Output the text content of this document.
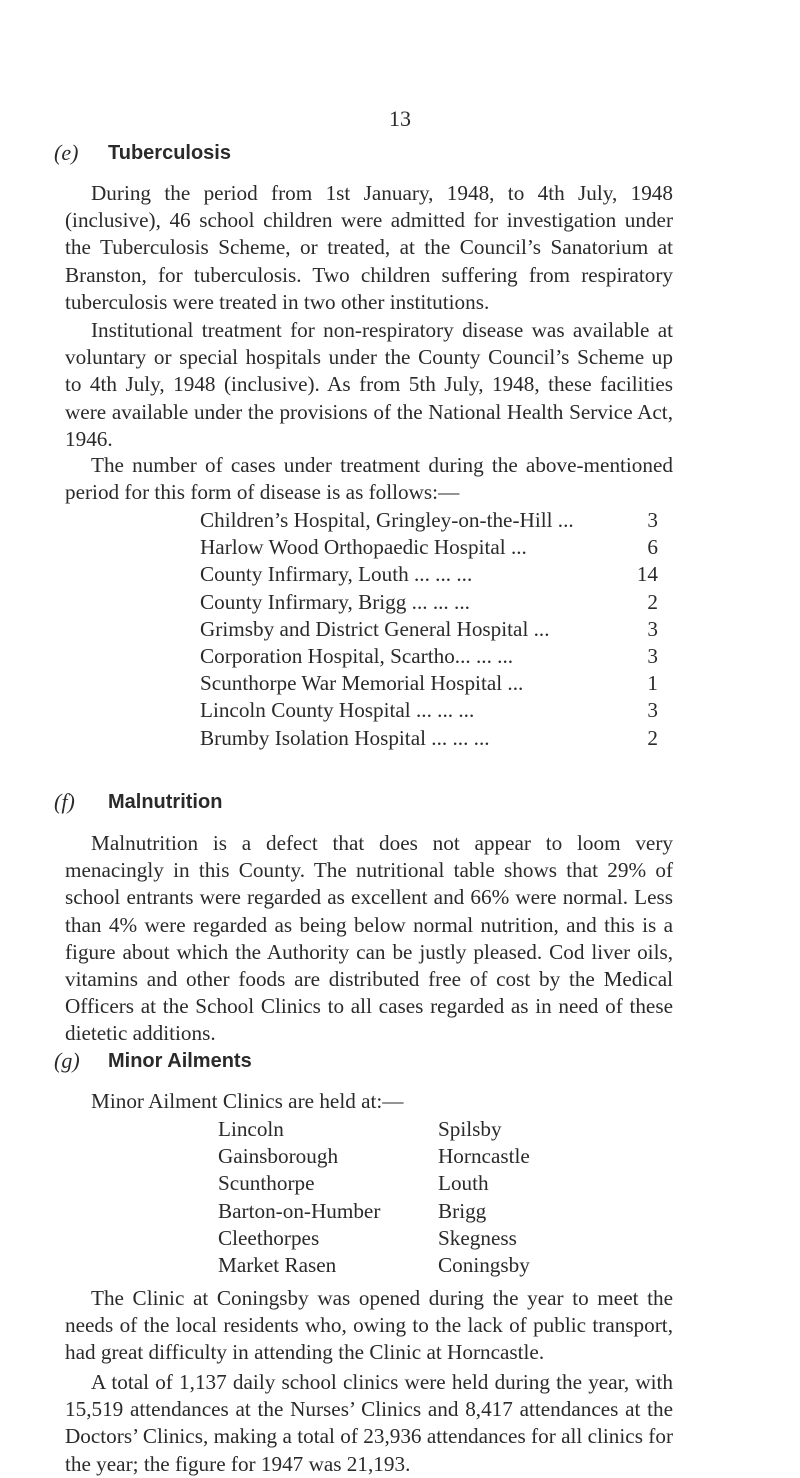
13
(e) Tuberculosis

During the period from 1st January, 1948, to 4th July, 1948 (inclusive), 46 school children were admitted for investigation under the Tuberculosis Scheme, or treated, at the Council’s Sanatorium at Branston, for tuberculosis. Two children suffering from respiratory tuberculosis were treated in two other institutions.

Institutional treatment for non-respiratory disease was available at voluntary or special hospitals under the County Council’s Scheme up to 4th July, 1948 (inclusive). As from 5th July, 1948, these facilities were available under the provisions of the National Health Service Act, 1946.

The number of cases under treatment during the above-mentioned period for this form of disease is as follows:—

Children’s Hospital, Gringley-on-the-Hill ...	3
Harlow Wood Orthopaedic Hospital ...	6
County Infirmary, Louth ... ... ...	14
County Infirmary, Brigg ... ... ...	2
Grimsby and District General Hospital ...	3
Corporation Hospital, Scartho... ... ...	3
Scunthorpe War Memorial Hospital ...	1
Lincoln County Hospital ... ... ...	3
Brumby Isolation Hospital ... ... ...	2
(f) Malnutrition

Malnutrition is a defect that does not appear to loom very menacingly in this County. The nutritional table shows that 29% of school entrants were regarded as excellent and 66% were normal. Less than 4% were regarded as being below normal nutrition, and this is a figure about which the Authority can be justly pleased. Cod liver oils, vitamins and other foods are distributed free of cost by the Medical Officers at the School Clinics to all cases regarded as in need of these dietetic additions.

(g) Minor Ailments

Minor Ailment Clinics are held at:—

Lincoln	Spilsby
Gainsborough	Horncastle
Scunthorpe	Louth
Barton-on-Humber	Brigg
Cleethorpes	Skegness
Market Rasen	Coningsby

The Clinic at Coningsby was opened during the year to meet the needs of the local residents who, owing to the lack of public transport, had great difficulty in attending the Clinic at Horncastle.

A total of 1,137 daily school clinics were held during the year, with 15,519 attendances at the Nurses’ Clinics and 8,417 attendances at the Doctors’ Clinics, making a total of 23,936 attendances for all clinics for the year; the figure for 1947 was 21,193.
